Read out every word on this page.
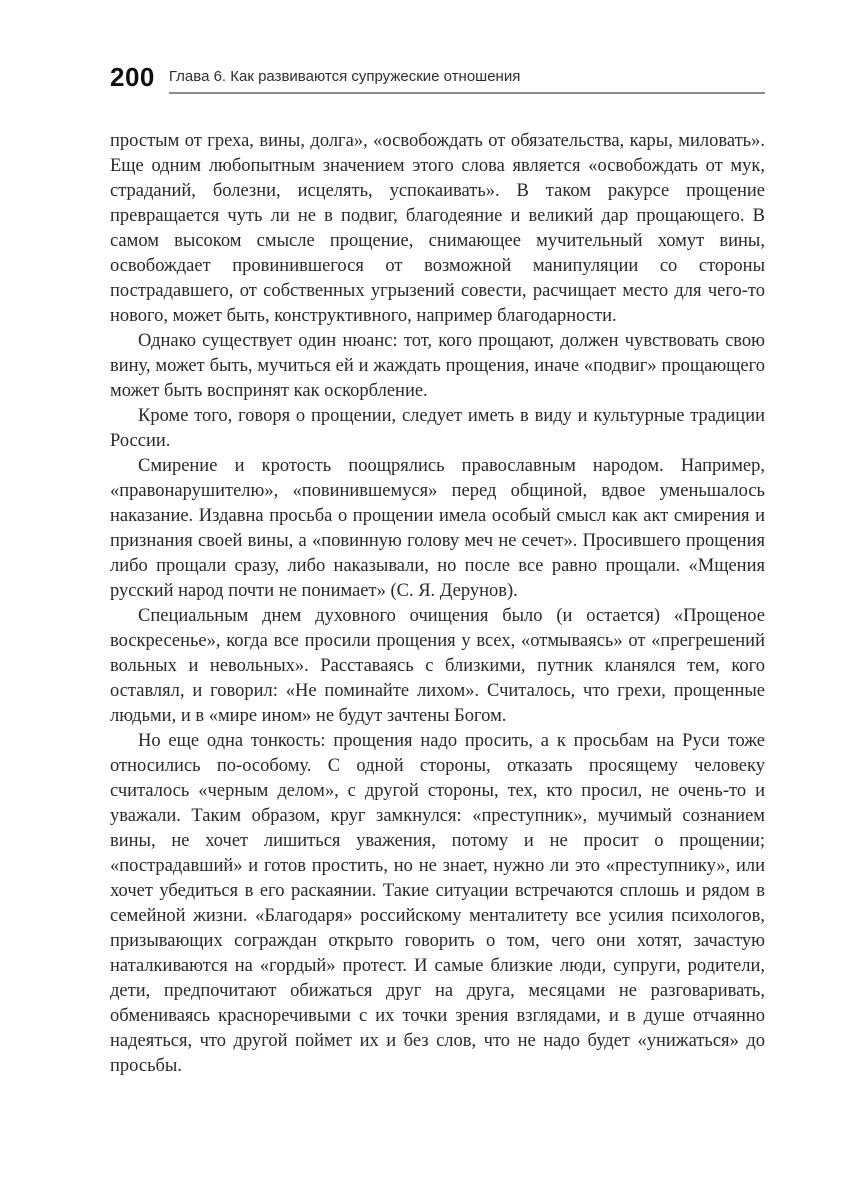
200 Глава 6. Как развиваются супружеские отношения

простым от греха, вины, долга», «освобождать от обязательства, кары, миловать». Еще одним любопытным значением этого слова является «освобождать от мук, страданий, болезни, исцелять, успокаивать». В таком ракурсе прощение превращается чуть ли не в подвиг, благодеяние и великий дар прощающего. В самом высоком смысле прощение, снимающее мучительный хомут вины, освобождает провинившегося от возможной манипуляции со стороны пострадавшего, от собственных угрызений совести, расчищает место для чего-то нового, может быть, конструктивного, например благодарности.

Однако существует один нюанс: тот, кого прощают, должен чувствовать свою вину, может быть, мучиться ей и жаждать прощения, иначе «подвиг» прощающего может быть воспринят как оскорбление.

Кроме того, говоря о прощении, следует иметь в виду и культурные традиции России.

Смирение и кротость поощрялись православным народом. Например, «правонарушителю», «повинившемуся» перед общиной, вдвое уменьшалось наказание. Издавна просьба о прощении имела особый смысл как акт смирения и признания своей вины, а «повинную голову меч не сечет». Просившего прощения либо прощали сразу, либо наказывали, но после все равно прощали. «Мщения русский народ почти не понимает» (С. Я. Дерунов).

Специальным днем духовного очищения было (и остается) «Прощеное воскресенье», когда все просили прощения у всех, «отмываясь» от «прегрешений вольных и невольных». Расставаясь с близкими, путник кланялся тем, кого оставлял, и говорил: «Не поминайте лихом». Считалось, что грехи, прощенные людьми, и в «мире ином» не будут зачтены Богом.

Но еще одна тонкость: прощения надо просить, а к просьбам на Руси тоже относились по-особому. С одной стороны, отказать просящему человеку считалось «черным делом», с другой стороны, тех, кто просил, не очень-то и уважали. Таким образом, круг замкнулся: «преступник», мучимый сознанием вины, не хочет лишиться уважения, потому и не просит о прощении; «пострадавший» и готов простить, но не знает, нужно ли это «преступнику», или хочет убедиться в его раскаянии. Такие ситуации встречаются сплошь и рядом в семейной жизни. «Благодаря» российскому менталитету все усилия психологов, призывающих сограждан открыто говорить о том, чего они хотят, зачастую наталкиваются на «гордый» протест. И самые близкие люди, супруги, родители, дети, предпочитают обижаться друг на друга, месяцами не разговаривать, обмениваясь красноречивыми с их точки зрения взглядами, и в душе отчаянно надеяться, что другой поймет их и без слов, что не надо будет «унижаться» до просьбы.
